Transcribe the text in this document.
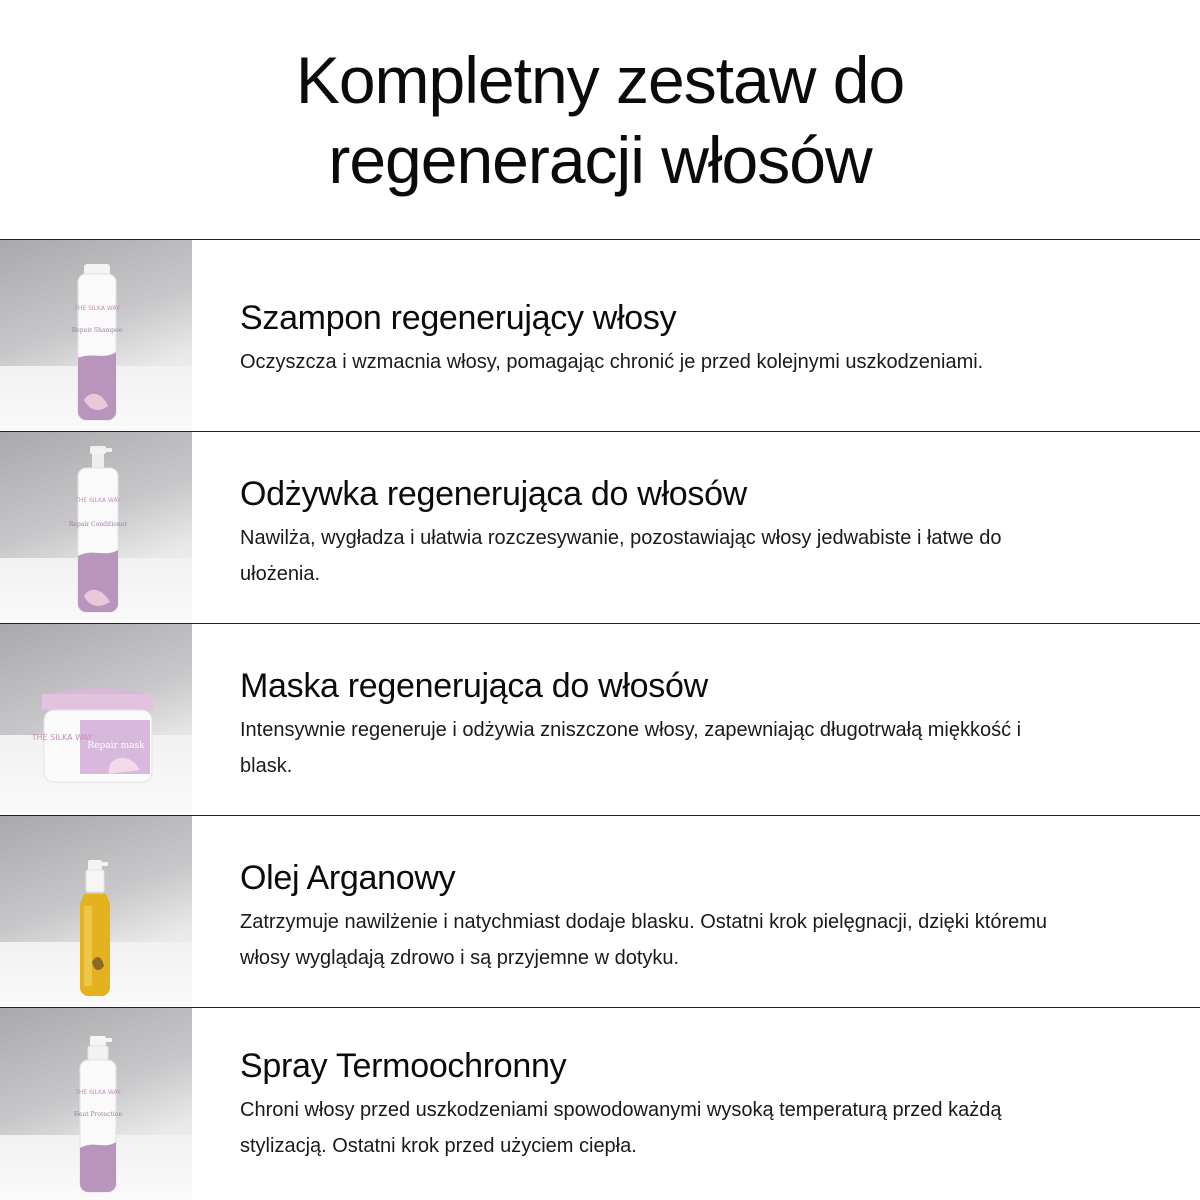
Kompletny zestaw do regeneracji włosów
THE SILKA WAY
Repair Shampoo	Szampon regenerujący włosy

Oczyszcza i wzmacnia włosy, pomagając chronić je przed kolejnymi uszkodzeniami.

THE SILKA WAY
Repair Conditioner
Odżywka regenerująca do włosów

Nawilża, wygładza i ułatwia rozczesywanie, pozostawiając włosy jedwabiste i łatwe do ułożenia.

THE SILKA WAY
Repair mask
Maska regenerująca do włosów

Intensywnie regeneruje i odżywia zniszczone włosy, zapewniając długotrwałą miękkość i blask.

Olej Arganowy

Zatrzymuje nawilżenie i natychmiast dodaje blasku. Ostatni krok pielęgnacji, dzięki któremu włosy wyglądają zdrowo i są przyjemne w dotyku.

THE SILKA WAY
Heat Protection
Spray Termoochronny

Chroni włosy przed uszkodzeniami spowodowanymi wysoką temperaturą przed każdą stylizacją. Ostatni krok przed użyciem ciepła.
